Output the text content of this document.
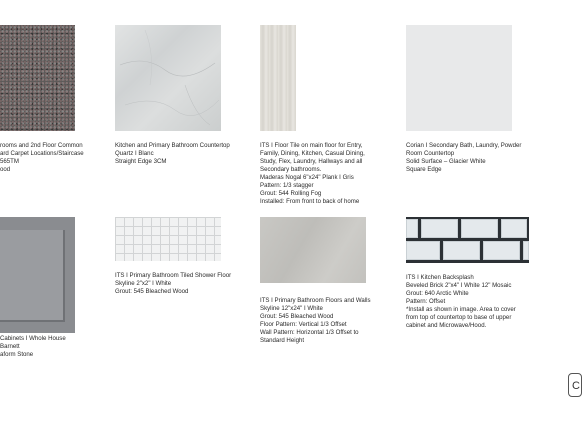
rooms and 2nd Floor Common
ard Carpet Locations/Staircase
565TM
ood
Kitchen and Primary Bathroom Countertop
Quartz I Blanc
Straight Edge 3CM
ITS I Floor Tile on main floor for Entry,
Family, Dining, Kitchen, Casual Dining,
Study, Flex, Laundry, Hallways and all
Secondary bathrooms.
Maderas Nogal 6"x24" Plank I Gris
Pattern: 1/3 stagger
Grout: 544 Rolling Fog
Installed: From front to back of home
Corian I Secondary Bath, Laundry, Powder
Room Countertop
Solid Surface – Glacier White
Square Edge
Cabinets I Whole House
Barnett
aform Stone
ITS I Primary Bathroom Tiled Shower Floor
Skyline 2"x2" I White
Grout: 545 Bleached Wood
ITS I Primary Bathroom Floors and Walls
Skyline 12"x24" I White
Grout: 545 Bleached Wood
Floor Pattern: Vertical 1/3 Offset
Wall Pattern: Horizontal 1/3 Offset to
Standard Height
ITS I Kitchen Backsplash
Beveled Brick 2"x4" I White 12" Mosaic
Grout: 640 Arctic White
Pattern: Offset
*Install as shown in image. Area to cover
from top of countertop to base of upper
cabinet and Microwave/Hood.
C
